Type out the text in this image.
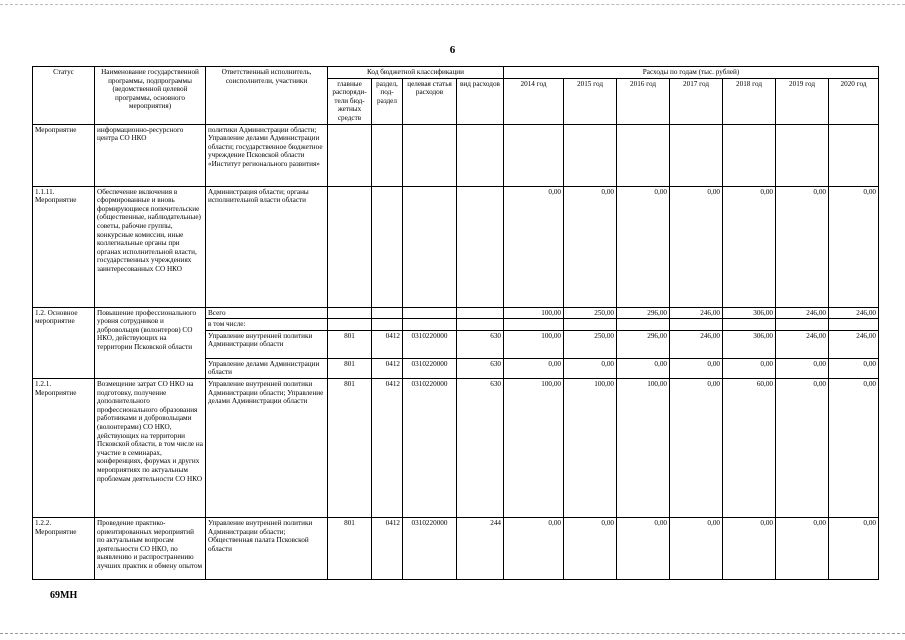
6
Статус	Наименование государственной программы, подпрограммы (ведомственной целевой программы, основного мероприятия)	Ответственный исполнитель, соисполнители, участники	Код бюджетной классификации				Расходы по годам (тыс. рублей)						
			главные распоряди-тели бюд-жетных средств	раздел, под-раздел	целевая статья расходов	вид расходов	2014 год	2015 год	2016 год	2017 год	2018 год	2019 год	2020 год
Мероприятие	информационно-ресурсного центра СО НКО	политики Администрации области; Управление делами Администрации области; государственное бюджетное учреждение Псковской области «Институт регионального развития»											
1.1.11. Мероприятие	Обеспечение включения в сформированные и вновь формирующиеся попечительские (общественные, наблюдательные) советы, рабочие группы, конкурсные комиссии, иные коллегиальные органы при органах исполнительной власти, государственных учреждениях заинтересованных СО НКО	Администрация области; органы исполнительной власти области					0,00	0,00	0,00	0,00	0,00	0,00	0,00
1.2. Основное мероприятие	Повышение профессионального уровня сотрудников и добровольцев (волонтеров) СО НКО, действующих на территории Псковской области	Всего					100,00	250,00	296,00	246,00	306,00	246,00	246,00
		в том числе:											
		Управление внутренней политики Администрации области	801	0412	0310220000	630	100,00	250,00	296,00	246,00	306,00	246,00	246,00
		Управление делами Администрации области	801	0412	0310220000	630	0,00	0,00	0,00	0,00	0,00	0,00	0,00
1.2.1. Мероприятие	Возмещение затрат СО НКО на подготовку, получение дополнительного профессионального образования работниками и добровольцами (волонтерами) СО НКО, действующих на территории Псковской области, в том числе на участие в семинарах, конференциях, форумах и других мероприятиях по актуальным проблемам деятельности СО НКО	Управление внутренней политики Администрации области; Управление делами Администрации области	801	0412	0310220000	630	100,00	100,00	100,00	0,00	60,00	0,00	0,00
1.2.2. Мероприятие	Проведение практико-ориентированных мероприятий по актуальным вопросам деятельности СО НКО, по выявлению и распространению лучших практик и обмену опытом	Управление внутренней политики Администрации области; Общественная палата Псковской области	801	0412	0310220000	244	0,00	0,00	0,00	0,00	0,00	0,00	0,00
69МН
